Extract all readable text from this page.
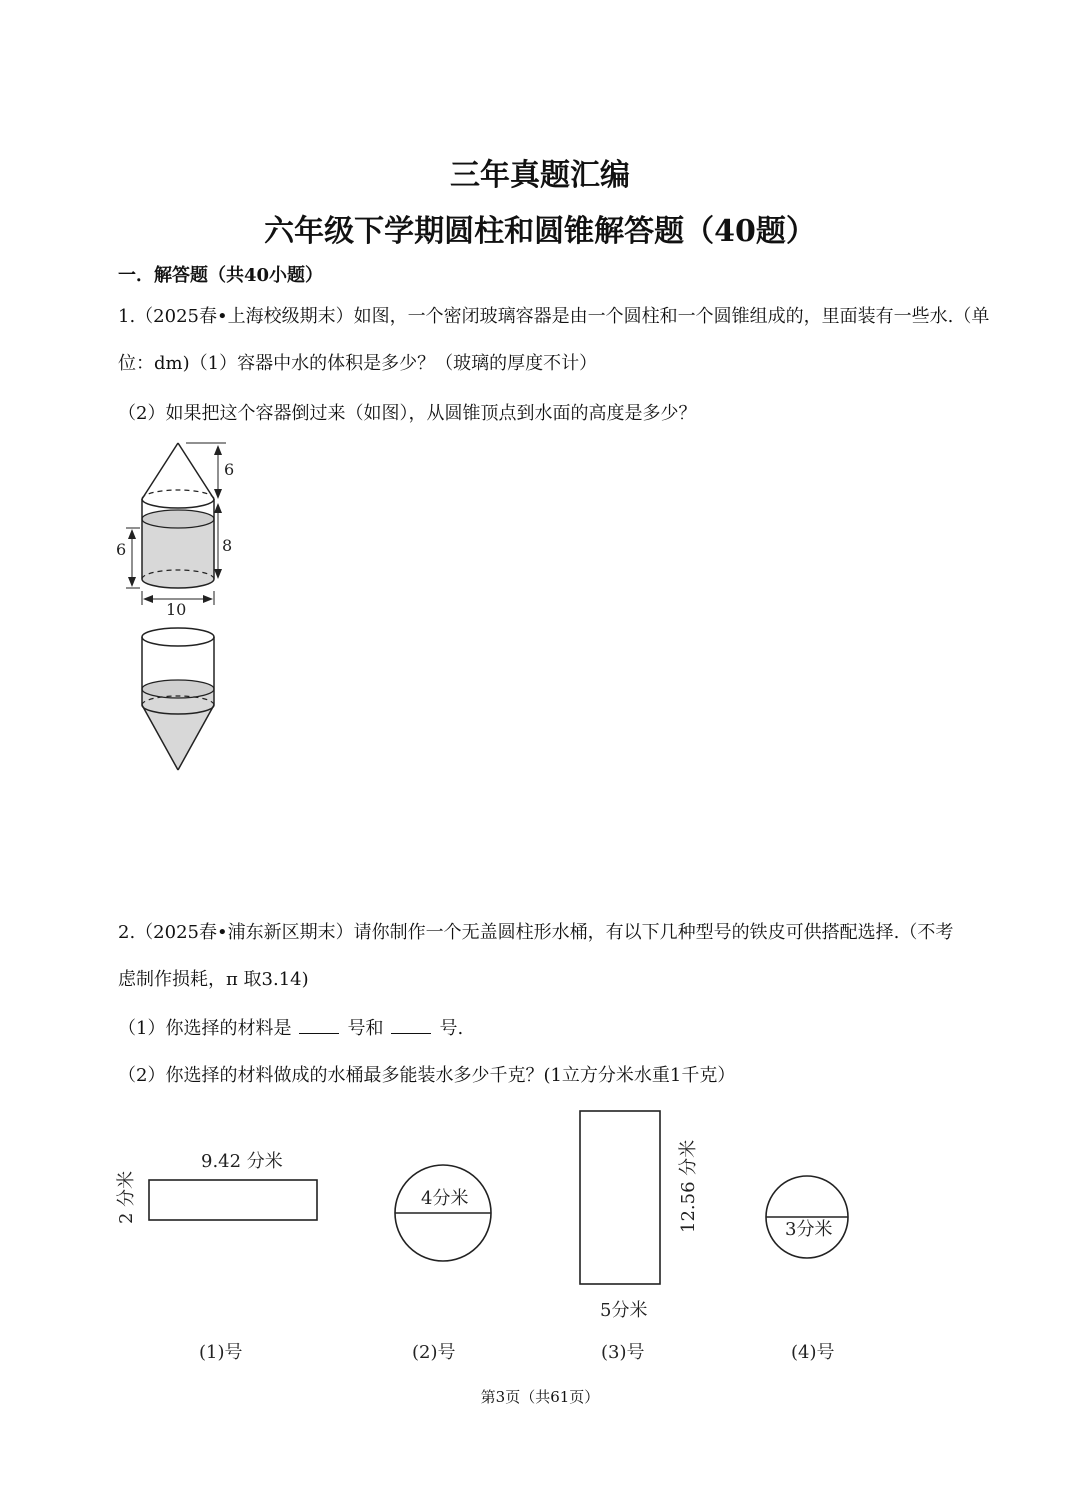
三年真题汇编
六年级下学期圆柱和圆锥解答题（40题）
一．解答题（共40小题）
1.（2025春•上海校级期末）如图，一个密闭玻璃容器是由一个圆柱和一个圆锥组成的，里面装有一些水.（单
位：dm)（1）容器中水的体积是多少？（玻璃的厚度不计）
（2）如果把这个容器倒过来（如图），从圆锥顶点到水面的高度是多少？
6
8
6
10
2.（2025春•浦东新区期末）请你制作一个无盖圆柱形水桶，有以下几种型号的铁皮可供搭配选择.（不考
虑制作损耗，π 取3.14)
（1）你选择的材料是	号和	号.
（2）你选择的材料做成的水桶最多能装水多少千克？(1立方分米水重1千克）
9.42 分米
2 分米	4分米	12.56 分米
5分米
3分米
(1)号	(2)号	(3)号	(4)号
第3页（共61页）
